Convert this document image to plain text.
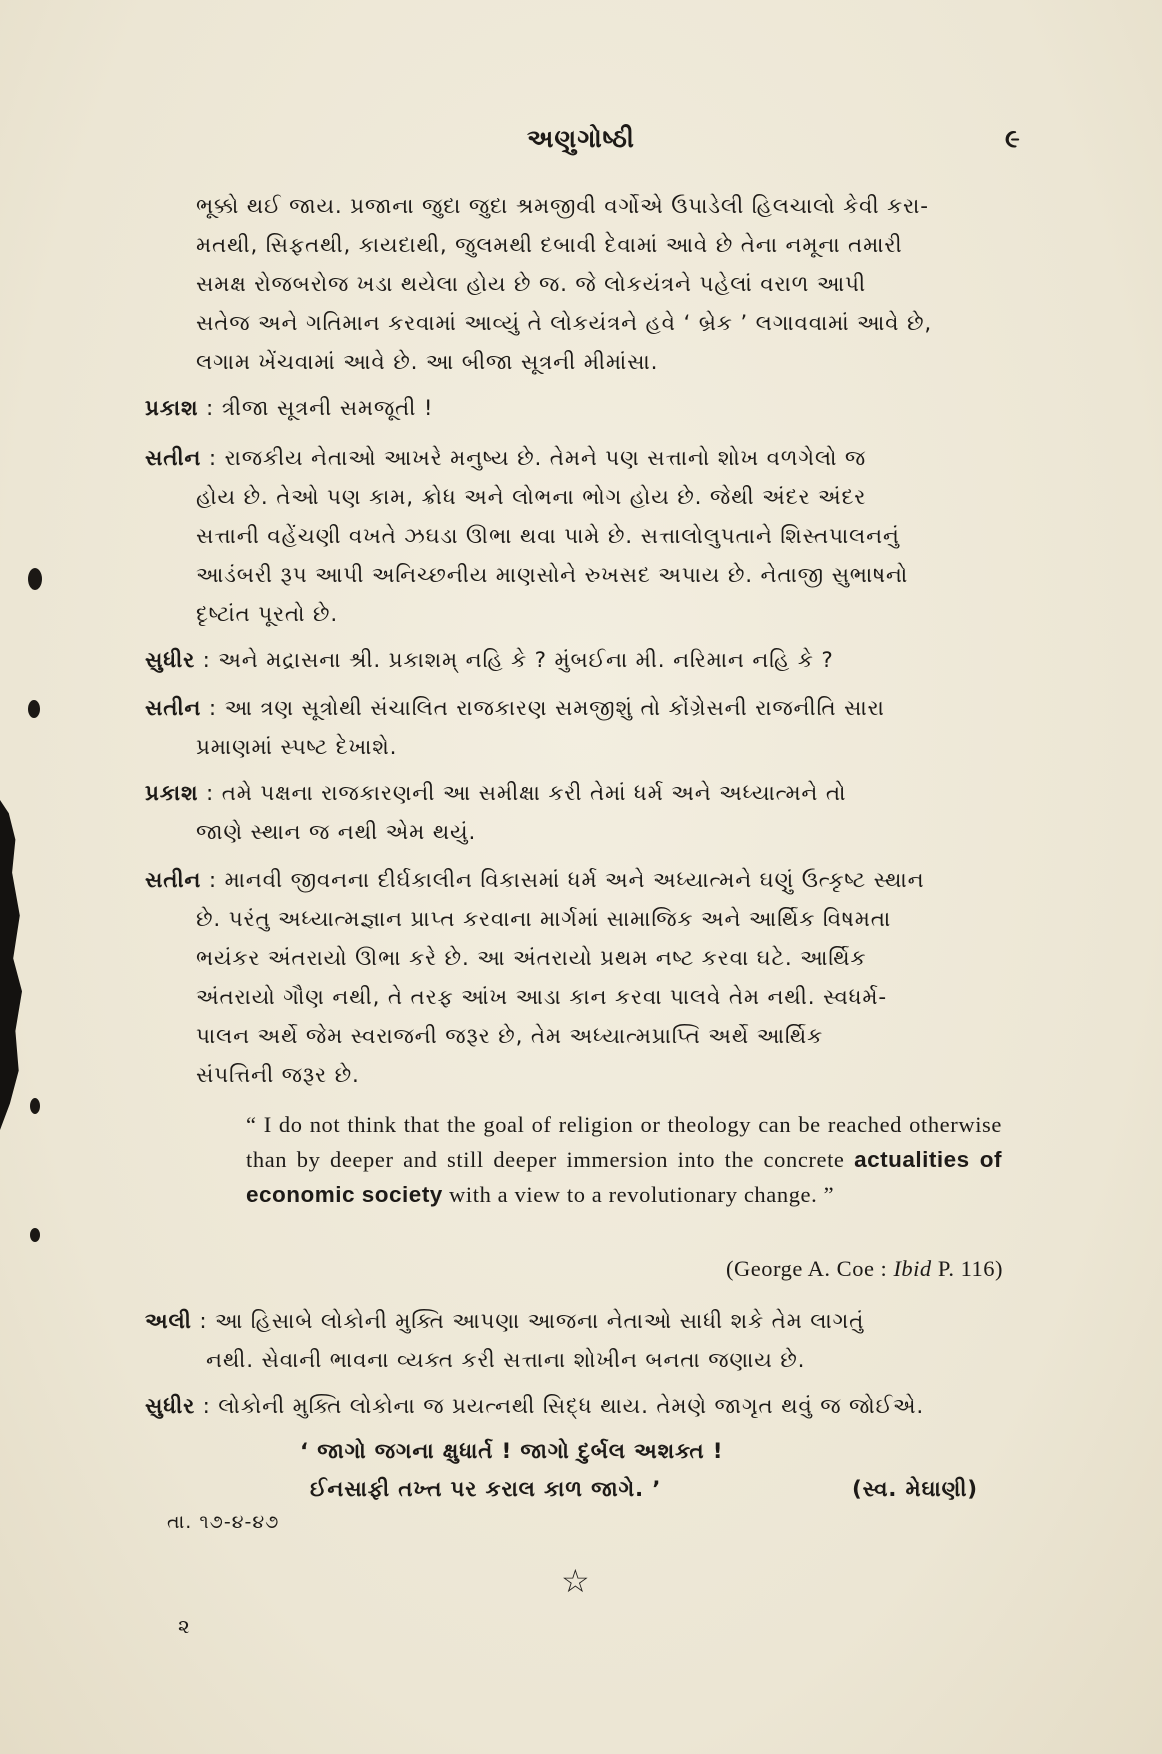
અણુગોષ્ઠી	૯
ભૂક્કો થઈ જાય. પ્રજાના જુદા જુદા શ્રમજીવી વર્ગોએ ઉપાડેલી હિલચાલો કેવી કરા-
મતથી, સિફતથી, કાયદાથી, જુલમથી દબાવી દેવામાં આવે છે તેના નમૂના તમારી
સમક્ષ રોજબરોજ ખડા થયેલા હોય છે જ. જે લોકયંત્રને પહેલાં વરાળ આપી
સતેજ અને ગતિમાન કરવામાં આવ્યું તે લોકયંત્રને હવે ‘ બ્રેક ’ લગાવવામાં આવે છે,
લગામ ખેંચવામાં આવે છે. આ બીજા સૂત્રની મીમાંસા.
પ્રકાશ : ત્રીજા સૂત્રની સમજૂતી !
સતીન : રાજકીય નેતાઓ આખરે મનુષ્ય છે. તેમને પણ સત્તાનો શોખ વળગેલો જ
હોય છે. તેઓ પણ કામ, ક્રોધ અને લોભના ભોગ હોય છે. જેથી અંદર અંદર
સત્તાની વહેંચણી વખતે ઝઘડા ઊભા થવા પામે છે. સત્તાલોલુપતાને શિસ્તપાલનનું
આડંબરી રૂપ આપી અનિચ્છનીય માણસોને રુખસદ અપાય છે. નેતાજી સુભાષનો
દૃષ્ટાંત પૂરતો છે.
સુધીર : અને મદ્રાસના શ્રી. પ્રકાશમ્ નહિ કે ? મુંબઈના મી. નરિમાન નહિ કે ?
સતીન : આ ત્રણ સૂત્રોથી સંચાલિત રાજકારણ સમજીશું તો કોંગ્રેસની રાજનીતિ સારા
પ્રમાણમાં સ્પષ્ટ દેખાશે.
પ્રકાશ : તમે પક્ષના રાજકારણની આ સમીક્ષા કરી તેમાં ધર્મ અને અધ્યાત્મને તો
જાણે સ્થાન જ નથી એમ થયું.
સતીન : માનવી જીવનના દીર્ઘકાલીન વિકાસમાં ધર્મ અને અધ્યાત્મને ઘણું ઉત્કૃષ્ટ સ્થાન
છે. પરંતુ અધ્યાત્મજ્ઞાન પ્રાપ્ત કરવાના માર્ગમાં સામાજિક અને આર્થિક વિષમતા
ભયંકર અંતરાયો ઊભા કરે છે. આ અંતરાયો પ્રથમ નષ્ટ કરવા ઘટે. આર્થિક
અંતરાયો ગૌણ નથી, તે તરફ આંખ આડા કાન કરવા પાલવે તેમ નથી. સ્વધર્મ-
પાલન અર્થે જેમ સ્વરાજની જરૂર છે, તેમ અધ્યાત્મપ્રાપ્તિ અર્થે આર્થિક
સંપત્તિની જરૂર છે.
“ I do not think that the goal of religion or theology can be reached otherwise than by deeper and still deeper immersion into the concrete actualities of economic society with a view to a revolutionary change. ”
(George A. Coe : Ibid P. 116)
અલી : આ હિસાબે લોકોની મુક્તિ આપણા આજના નેતાઓ સાધી શકે તેમ લાગતું
નથી. સેવાની ભાવના વ્યક્ત કરી સત્તાના શોખીન બનતા જણાય છે.
સુધીર : લોકોની મુક્તિ લોકોના જ પ્રયત્નથી સિદ્ધ થાય. તેમણે જાગૃત થવું જ જોઈએ.
‘ જાગો જગના ક્ષુધાર્ત ! જાગો દુર્બલ અશક્ત !
ઈનસાફી તખ્ત પર કરાલ કાળ જાગે. ’	(સ્વ. મેઘાણી)
તા. ૧૭-૪-૪૭
☆
૨
